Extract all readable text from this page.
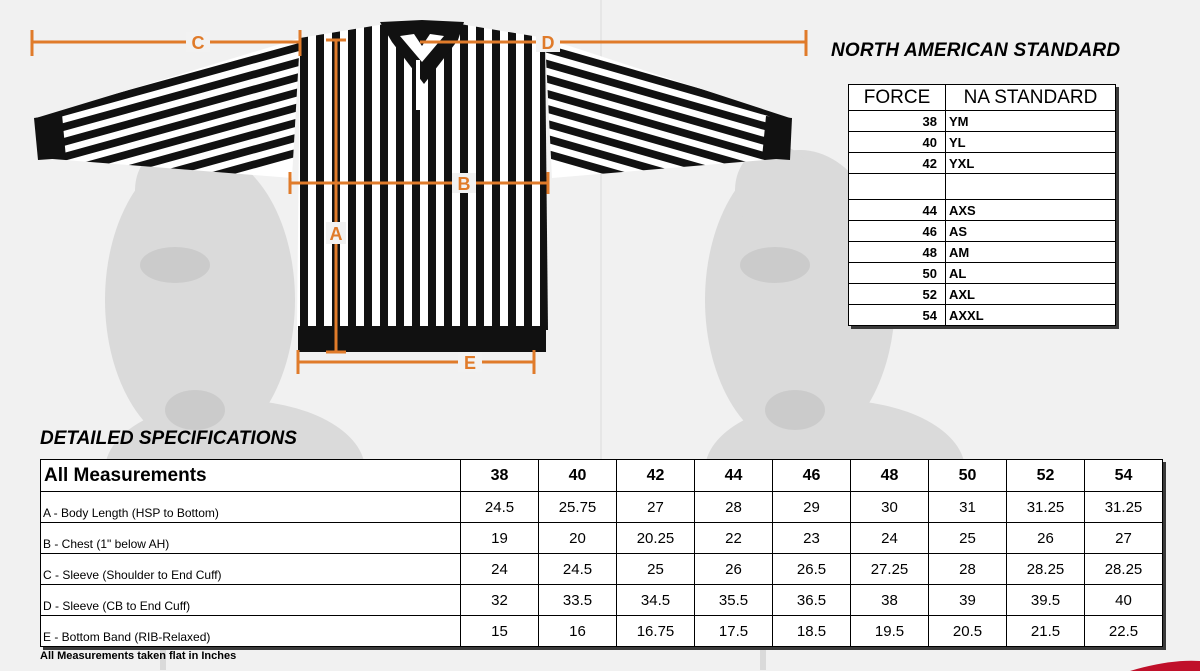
C	D
B
A
E
NORTH AMERICAN STANDARD
FORCE	NA STANDARD
38	YM
40	YL
42	YXL

44	AXS
46	AS
48	AM
50	AL
52	AXL
54	AXXL
DETAILED SPECIFICATIONS
All Measurements	38	40	42	44	46	48	50	52	54
A - Body Length (HSP to Bottom)	24.5	25.75	27	28	29	30	31	31.25	31.25
B - Chest (1" below AH)	19	20	20.25	22	23	24	25	26	27
C - Sleeve (Shoulder to End Cuff)	24	24.5	25	26	26.5	27.25	28	28.25	28.25
D - Sleeve (CB to End Cuff)	32	33.5	34.5	35.5	36.5	38	39	39.5	40
E - Bottom Band (RIB-Relaxed)	15	16	16.75	17.5	18.5	19.5	20.5	21.5	22.5
All Measurements taken flat in Inches
